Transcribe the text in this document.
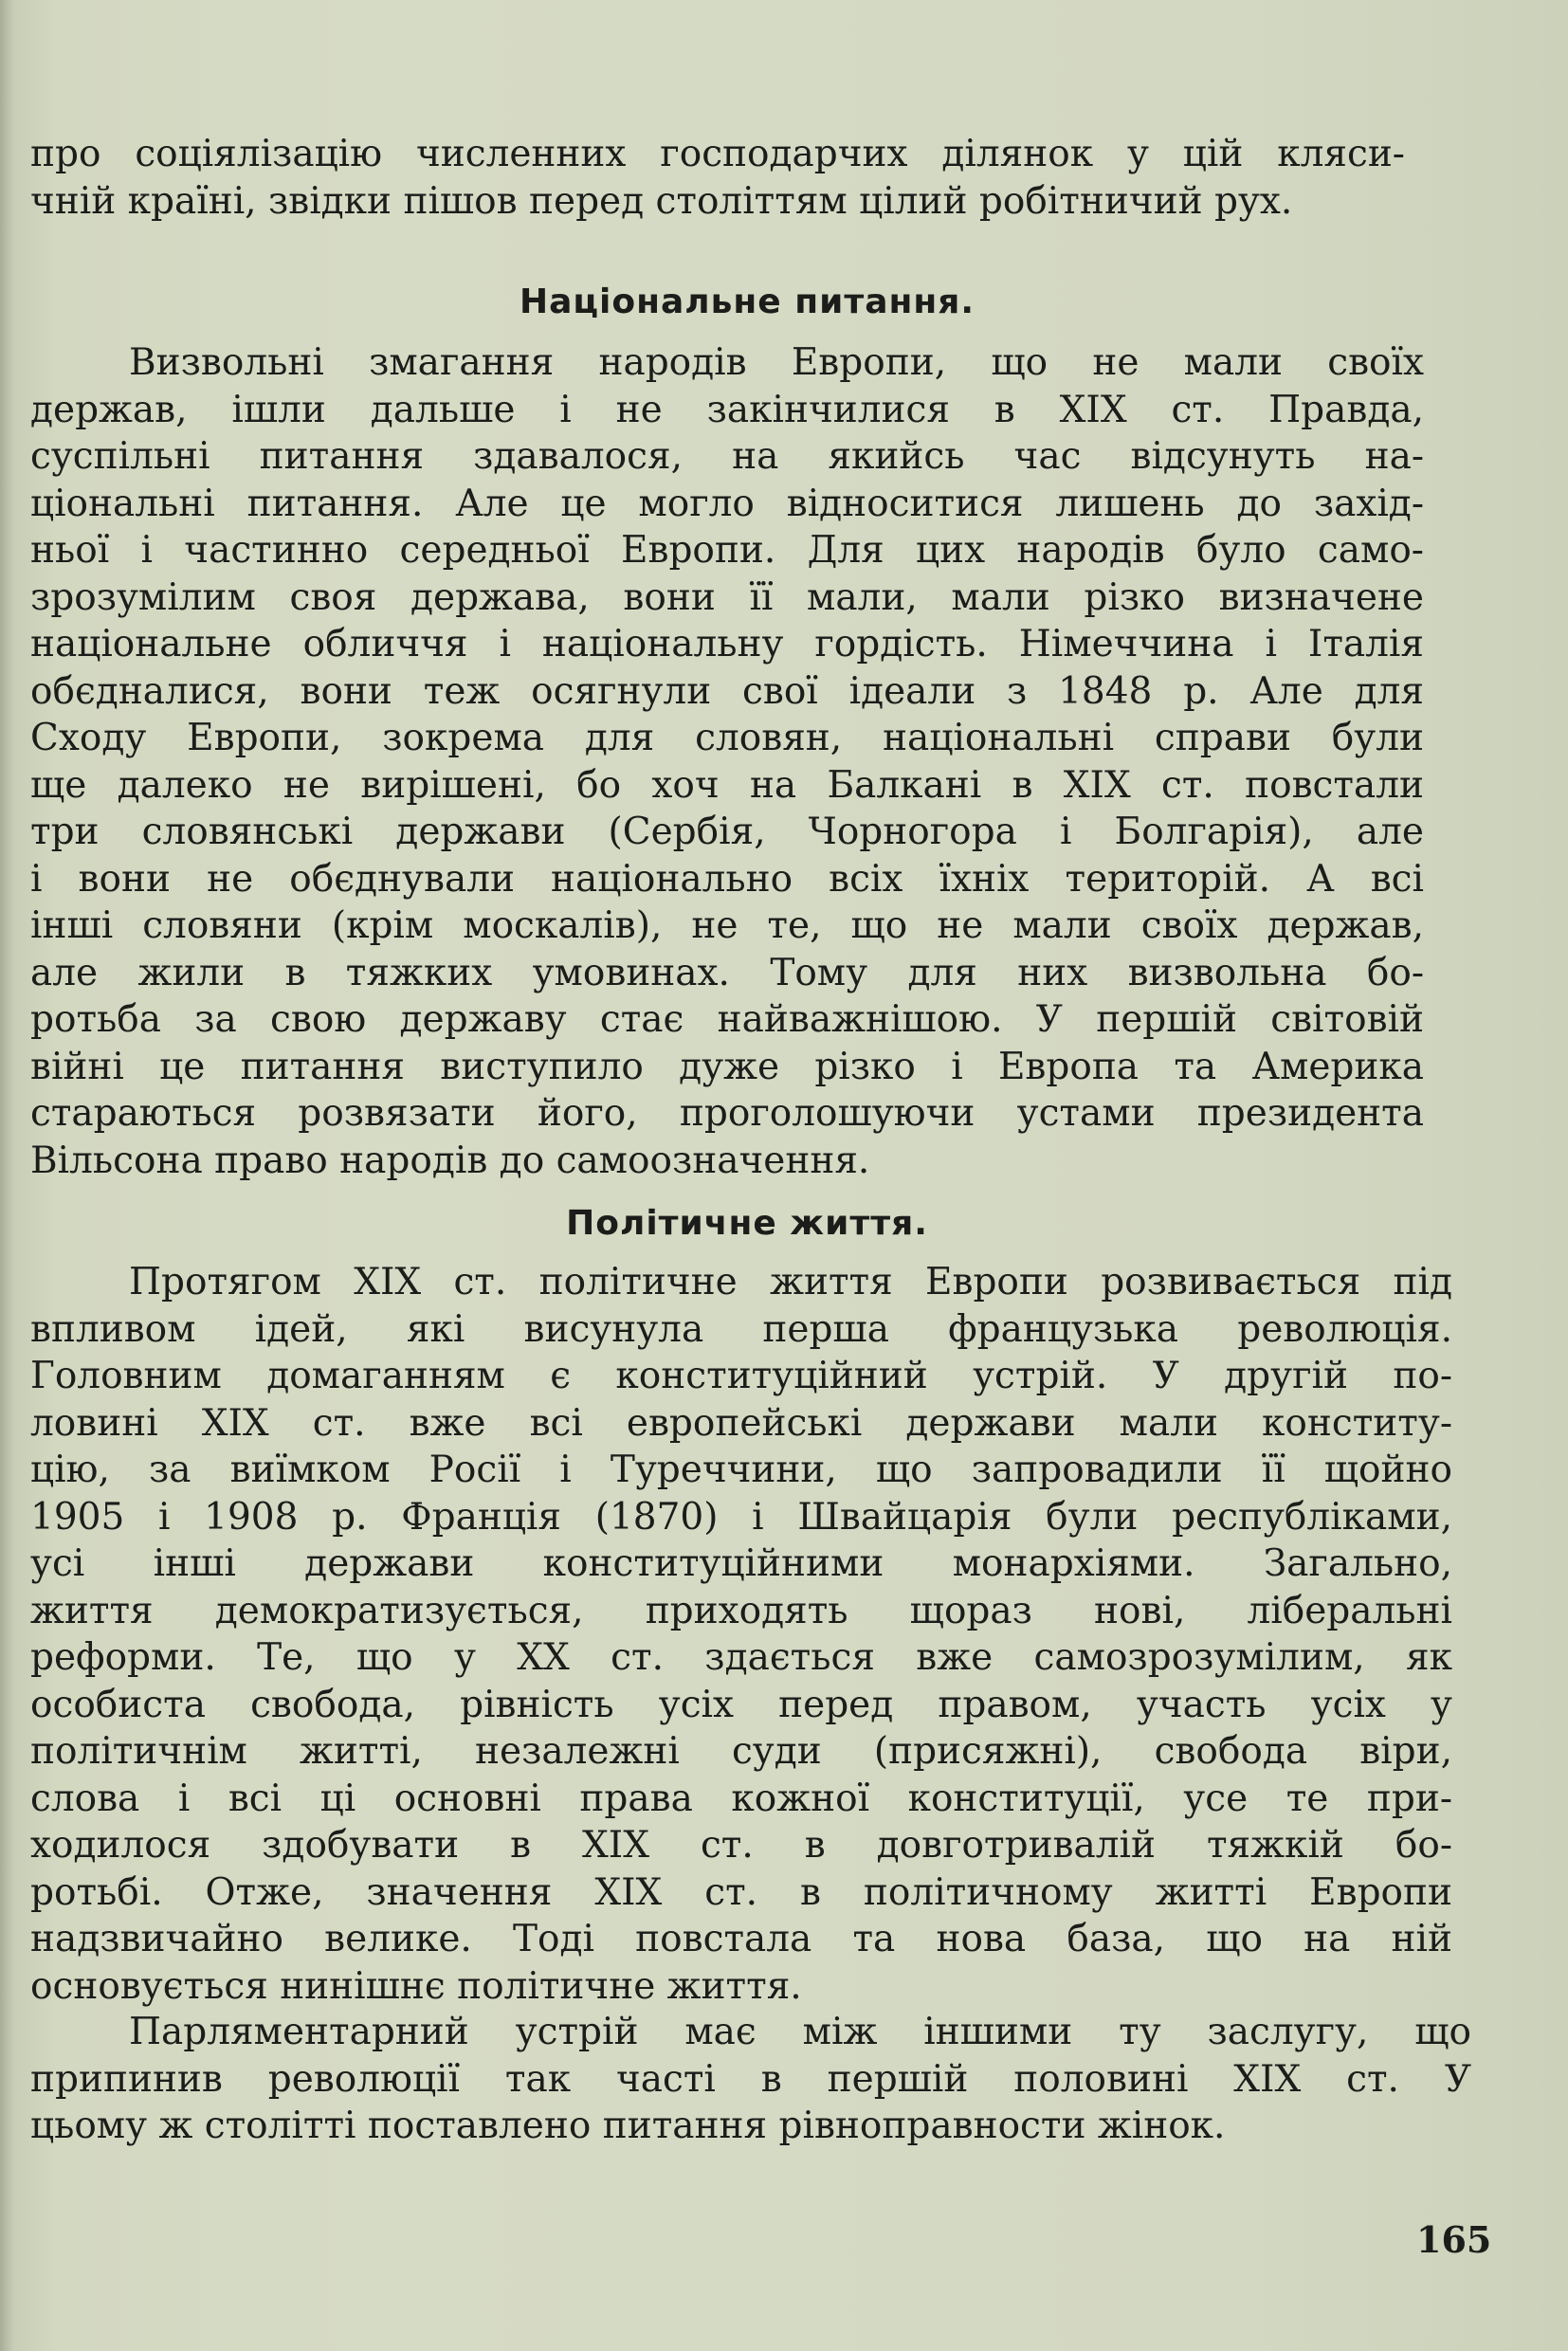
про соціялізацію численних господарчих ділянок у цій кляси-
чній країні, звідки пішов перед століттям цілий робітничий рух.
Національне питання.
Визвольні змагання народів Европи, що не мали своїх
держав, ішли дальше і не закінчилися в XIX ст. Правда,
суспільні питання здавалося, на якийсь час відсунуть на-
ціональні питання. Але це могло відноситися лишень до захід-
ньої і частинно середньої Европи. Для цих народів було само-
зрозумілим своя держава, вони її мали, мали різко визначене
національне обличчя і національну гордість. Німеччина і Італія
обєдналися, вони теж осягнули свої ідеали з 1848 р. Але для
Сходу Европи, зокрема для словян, національні справи були
ще далеко не вирішені, бо хоч на Балкані в XIX ст. повстали
три словянські держави (Сербія, Чорногора і Болгарія), але
і вони не обєднували національно всіх їхніх територій. А всі
інші словяни (крім москалів), не те, що не мали своїх держав,
але жили в тяжких умовинах. Тому для них визвольна бо-
ротьба за свою державу стає найважнішою. У першій світовій
війні це питання виступило дуже різко і Европа та Америка
стараються розвязати його, проголошуючи устами президента
Вільсона право народів до самоозначення.
Політичне життя.
Протягом XIX ст. політичне життя Европи розвивається під
впливом ідей, які висунула перша французька революція.
Головним домаганням є конституційний устрій. У другій по-
ловині XIX ст. вже всі европейські держави мали конститу-
цію, за виїмком Росії і Туреччини, що запровадили її щойно
1905 і 1908 р. Франція (1870) і Швайцарія були республіками,
усі інші держави конституційними монархіями. Загально,
життя демократизується, приходять щораз нові, ліберальні
реформи. Те, що у XX ст. здається вже самозрозумілим, як
особиста свобода, рівність усіх перед правом, участь усіх у
політичнім житті, незалежні суди (присяжні), свобода віри,
слова і всі ці основні права кожної конституції, усе те при-
ходилося здобувати в XIX ст. в довготривалій тяжкій бо-
ротьбі. Отже, значення XIX ст. в політичному житті Европи
надзвичайно велике. Тоді повстала та нова база, що на ній
основується нинішнє політичне життя.
Парляментарний устрій має між іншими ту заслугу, що
припинив революції так часті в першій половині XIX ст. У
цьому ж столітті поставлено питання рівноправности жінок.
165
